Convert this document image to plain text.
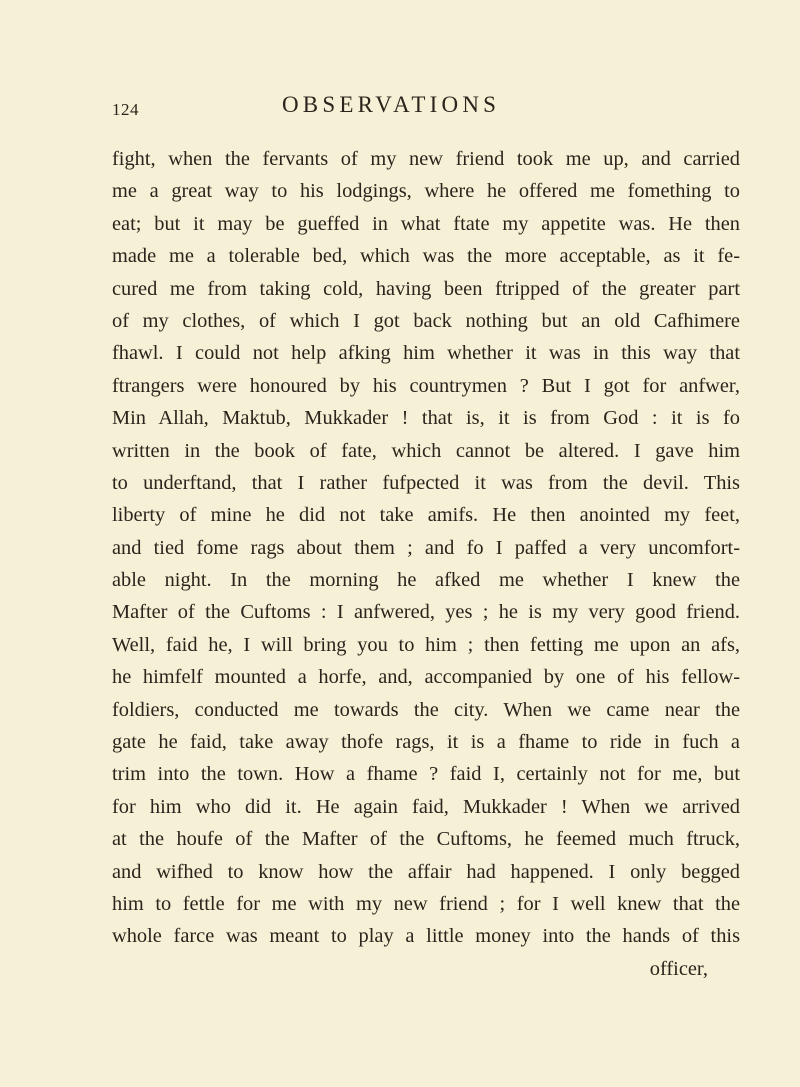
124	OBSERVATIONS
fight, when the fervants of my new friend took me up, and carried
me a great way to his lodgings, where he offered me fomething to
eat; but it may be gueffed in what ftate my appetite was. He then
made me a tolerable bed, which was the more acceptable, as it fe-
cured me from taking cold, having been ftripped of the greater part
of my clothes, of which I got back nothing but an old Cafhimere
fhawl. I could not help afking him whether it was in this way that
ftrangers were honoured by his countrymen ? But I got for anfwer,
Min Allah, Maktub, Mukkader ! that is, it is from God : it is fo
written in the book of fate, which cannot be altered. I gave him
to underftand, that I rather fufpected it was from the devil. This
liberty of mine he did not take amifs. He then anointed my feet,
and tied fome rags about them ; and fo I paffed a very uncomfort-
able night. In the morning he afked me whether I knew the
Mafter of the Cuftoms : I anfwered, yes ; he is my very good friend.
Well, faid he, I will bring you to him ; then fetting me upon an afs,
he himfelf mounted a horfe, and, accompanied by one of his fellow-
foldiers, conducted me towards the city. When we came near the
gate he faid, take away thofe rags, it is a fhame to ride in fuch a
trim into the town. How a fhame ? faid I, certainly not for me, but
for him who did it. He again faid, Mukkader ! When we arrived
at the houfe of the Mafter of the Cuftoms, he feemed much ftruck,
and wifhed to know how the affair had happened. I only begged
him to fettle for me with my new friend ; for I well knew that the
whole farce was meant to play a little money into the hands of this
officer,
